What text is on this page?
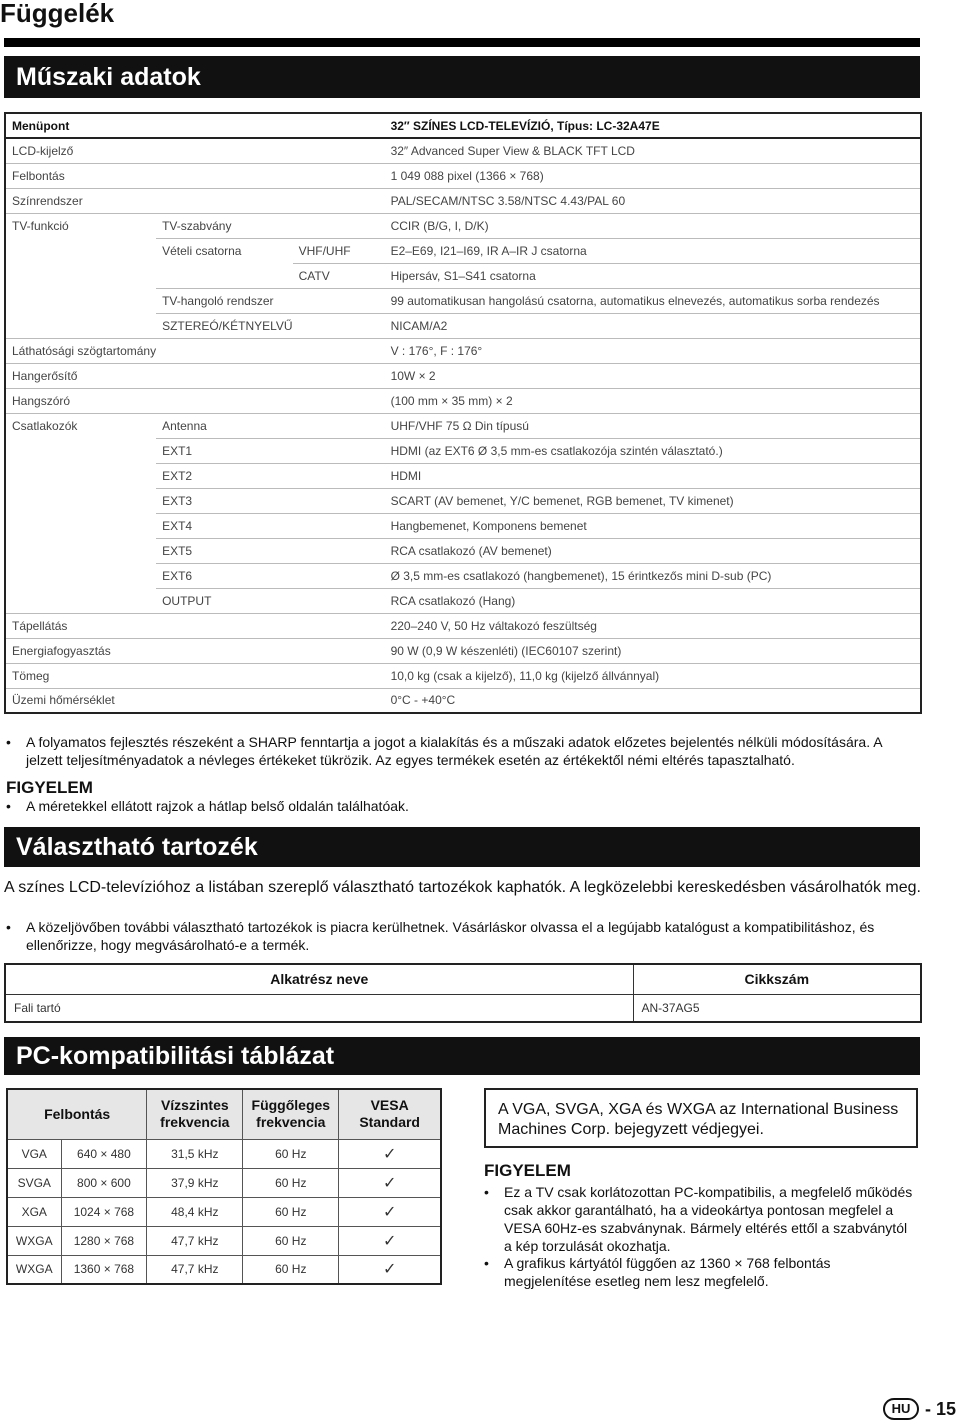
Függelék
Műszaki adatok
Menüpont			32″ SZÍNES LCD-TELEVÍZIÓ, Típus: LC-32A47E
LCD-kijelző			32″ Advanced Super View & BLACK TFT LCD
Felbontás			1 049 088 pixel (1366 × 768)
Színrendszer			PAL/SECAM/NTSC 3.58/NTSC 4.43/PAL 60
TV-funkció	TV-szabvány		CCIR (B/G, I, D/K)
	Vételi csatorna	VHF/UHF	E2–E69, I21–I69, IR A–IR J csatorna
		CATV	Hipersáv, S1–S41 csatorna
	TV-hangoló rendszer		99 automatikusan hangolású csatorna, automatikus elnevezés, automatikus sorba rendezés
	SZTEREÓ/KÉTNYELVŰ		NICAM/A2
Láthatósági szögtartomány			V : 176°, F : 176°
Hangerősítő			10W × 2
Hangszóró			(100 mm × 35 mm) × 2
Csatlakozók	Antenna		UHF/VHF 75 Ω Din típusú
	EXT1		HDMI (az EXT6 Ø 3,5 mm-es csatlakozója szintén választató.)
	EXT2		HDMI
	EXT3		SCART (AV bemenet, Y/C bemenet, RGB bemenet, TV kimenet)
	EXT4		Hangbemenet, Komponens bemenet
	EXT5		RCA csatlakozó (AV bemenet)
	EXT6		Ø 3,5 mm-es csatlakozó (hangbemenet), 15 érintkezős mini D-sub (PC)
	OUTPUT		RCA csatlakozó (Hang)
Tápellátás			220–240 V, 50 Hz váltakozó feszültség
Energiafogyasztás			90 W (0,9 W készenléti) (IEC60107 szerint)
Tömeg			10,0 kg (csak a kijelző), 11,0 kg (kijelző állvánnyal)
Üzemi hőmérséklet			0°C - +40°C
•	A folyamatos fejlesztés részeként a SHARP fenntartja a jogot a kialakítás és a műszaki adatok előzetes bejelentés nélküli módosítására. A jelzett teljesítményadatok a névleges értékeket tükrözik. Az egyes termékek esetén az értékektől némi eltérés tapasztalható.
FIGYELEM
•	A méretekkel ellátott rajzok a hátlap belső oldalán találhatóak.
Választható tartozék
A színes LCD-televízióhoz a listában szereplő választható tartozékok kaphatók. A legközelebbi kereskedésben vásárolhatók meg.
•	A közeljövőben további választható tartozékok is piacra kerülhetnek. Vásárláskor olvassa el a legújabb katalógust a kompatibilitáshoz, és ellenőrizze, hogy megvásárolható-e a termék.
Alkatrész neve	Cikkszám
Fali tartó	AN-37AG5
PC-kompatibilitási táblázat
Felbontás		Vízszintes frekvencia	Függőleges frekvencia	VESA Standard
VGA	640 × 480	31,5 kHz	60 Hz	✓
SVGA	800 × 600	37,9 kHz	60 Hz	✓
XGA	1024 × 768	48,4 kHz	60 Hz	✓
WXGA	1280 × 768	47,7 kHz	60 Hz	✓
WXGA	1360 × 768	47,7 kHz	60 Hz	✓
A VGA, SVGA, XGA és WXGA az International Business Machines Corp. bejegyzett védjegyei.
FIGYELEM
•	Ez a TV csak korlátozottan PC-kompatibilis, a megfelelő működés csak akkor garantálható, ha a videokártya pontosan megfelel a VESA 60Hz-es szabványnak. Bármely eltérés ettől a szabványtól a kép torzulását okozhatja.
•	A grafikus kártyától függően az 1360 × 768 felbontás megjelenítése esetleg nem lesz megfelelő.
HU - 15
